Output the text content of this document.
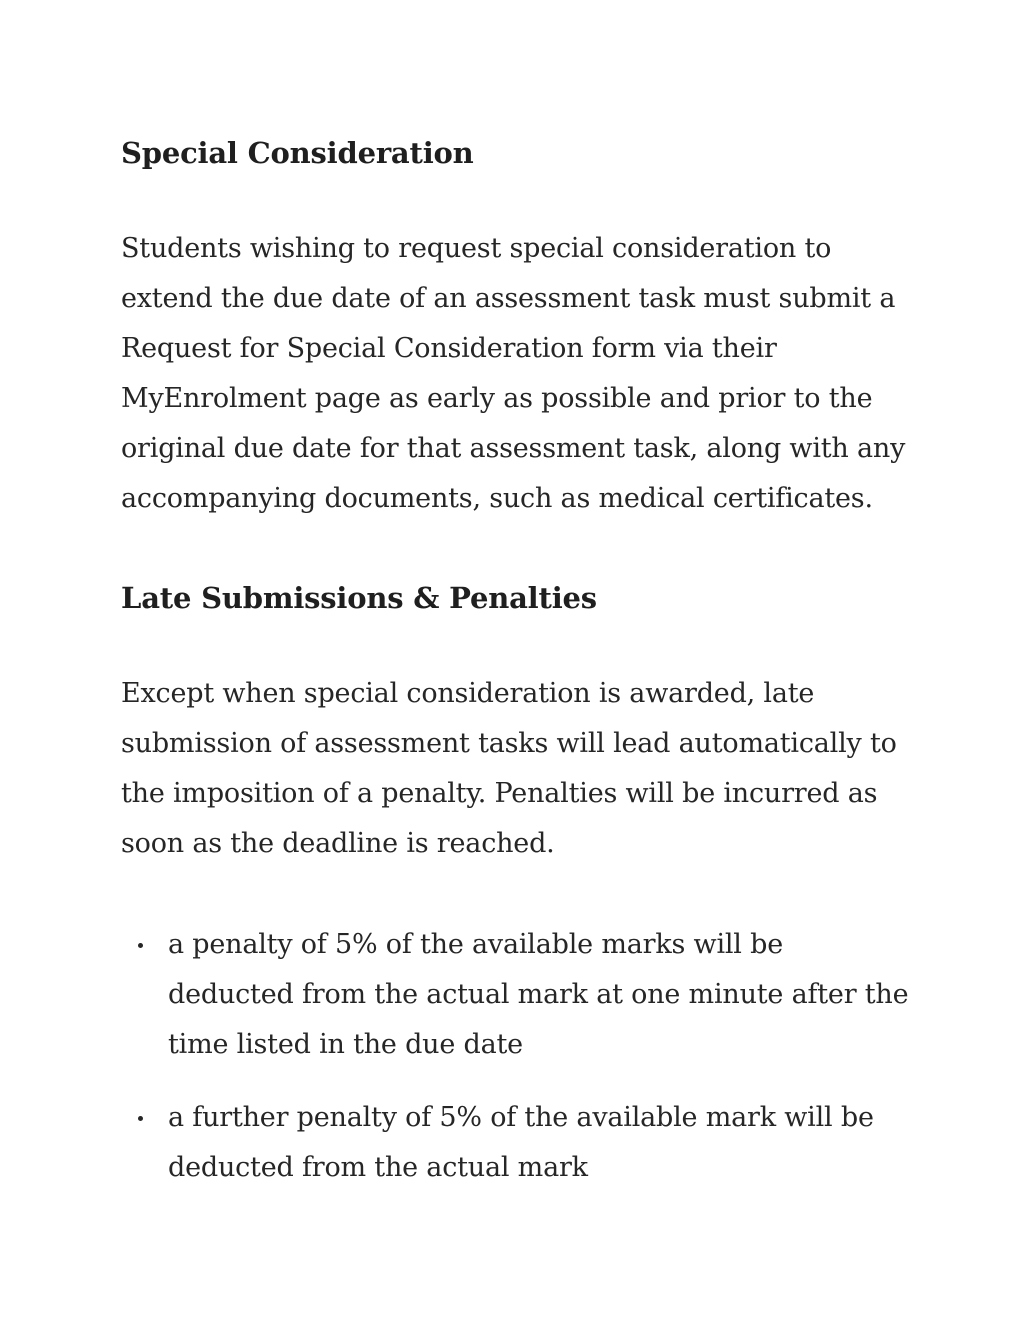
Special Consideration

Students wishing to request special consideration to extend the due date of an assessment task must submit a Request for Special Consideration form via their MyEnrolment page as early as possible and prior to the original due date for that assessment task, along with any accompanying documents, such as medical certificates.

Late Submissions & Penalties

Except when special consideration is awarded, late submission of assessment tasks will lead automatically to the imposition of a penalty. Penalties will be incurred as soon as the deadline is reached.

a penalty of 5% of the available marks will be deducted from the actual mark at one minute after the time listed in the due date
a further penalty of 5% of the available mark will be deducted from the actual mark
